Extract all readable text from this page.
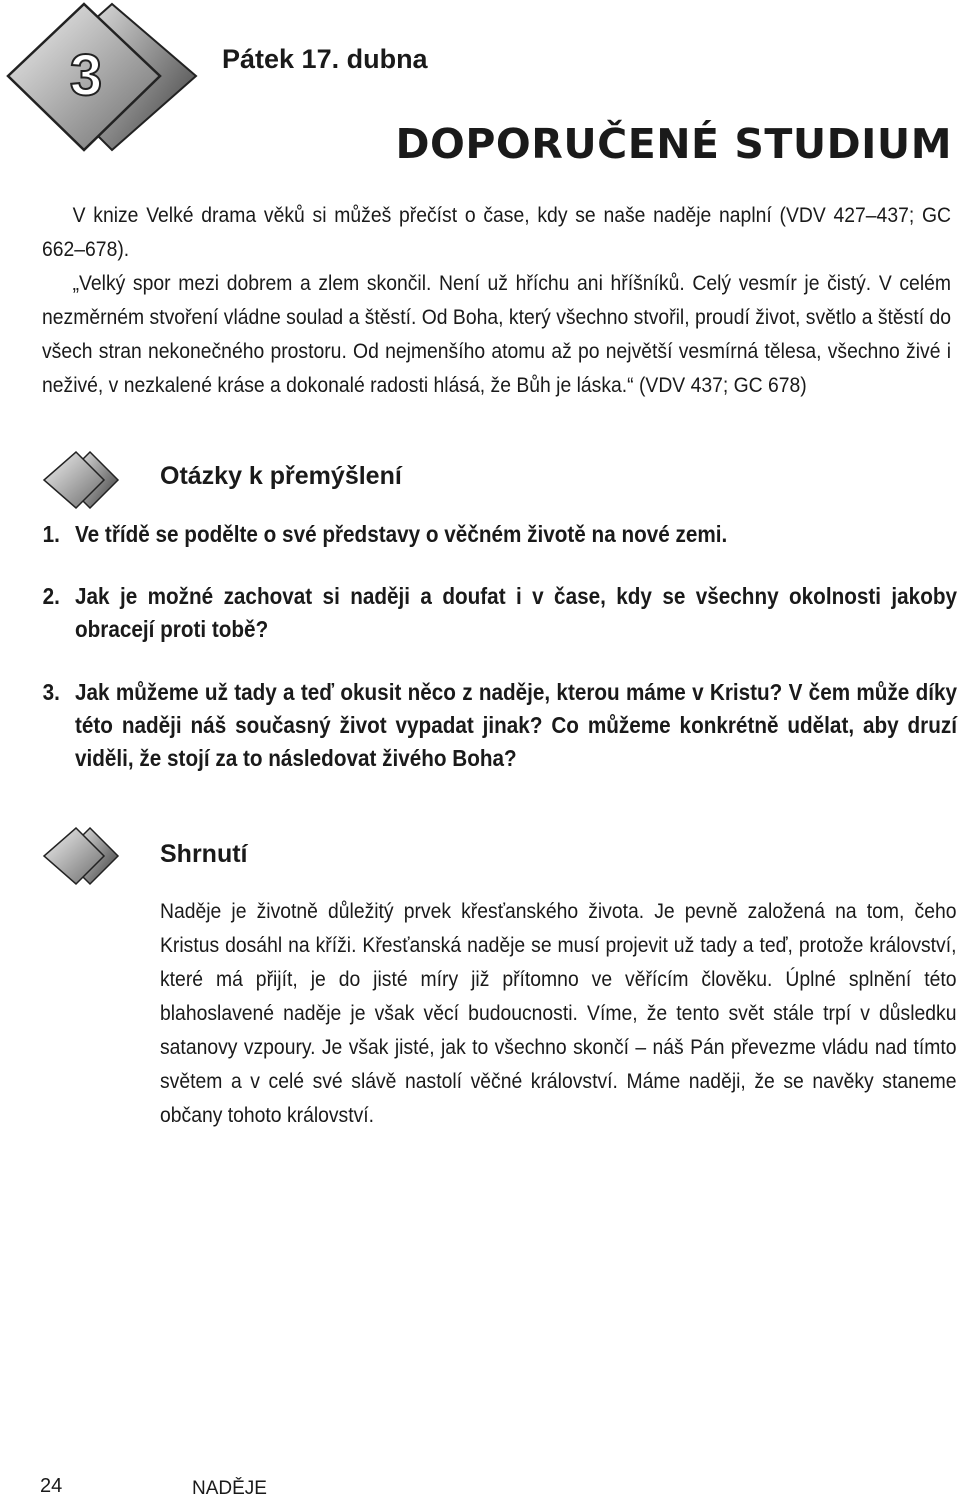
3	Pátek 17. dubna
DOPORUČENÉ STUDIUM
V knize Velké drama věků si můžeš přečíst o čase, kdy se naše naděje naplní (VDV 427–437; GC 662–678).
„Velký spor mezi dobrem a zlem skončil. Není už hříchu ani hříšníků. Celý vesmír je čistý. V celém nezměrném stvoření vládne soulad a štěstí. Od Boha, který všechno stvořil, proudí život, světlo a štěstí do všech stran nekonečného prostoru. Od nejmenšího atomu až po největší vesmírná tělesa, všechno živé i neživé, v nezkalené kráse a dokonalé radosti hlásá, že Bůh je láska.“ (VDV 437; GC 678)
Otázky k přemýšlení
1. Ve třídě se podělte o své představy o věčném životě na nové zemi.
2. Jak je možné zachovat si naději a doufat i v čase, kdy se všechny okolnosti jakoby obracejí proti tobě?
3. Jak můžeme už tady a teď okusit něco z naděje, kterou máme v Kristu? V čem může díky této naději náš současný život vypadat jinak? Co můžeme konkrétně udělat, aby druzí viděli, že stojí za to následovat živého Boha?
Shrnutí
Naděje je životně důležitý prvek křesťanského života. Je pevně založená na tom, čeho Kristus dosáhl na kříži. Křesťanská naděje se musí projevit už tady a teď, protože království, které má přijít, je do jisté míry již přítomno ve věřícím člověku. Úplné splnění této blahoslavené naděje je však věcí budoucnosti. Víme, že tento svět stále trpí v důsledku satanovy vzpoury. Je však jisté, jak to všechno skončí – náš Pán převezme vládu nad tímto světem a v celé své slávě nastolí věčné království. Máme naději, že se navěky staneme občany tohoto království.
24	NADĚJE
